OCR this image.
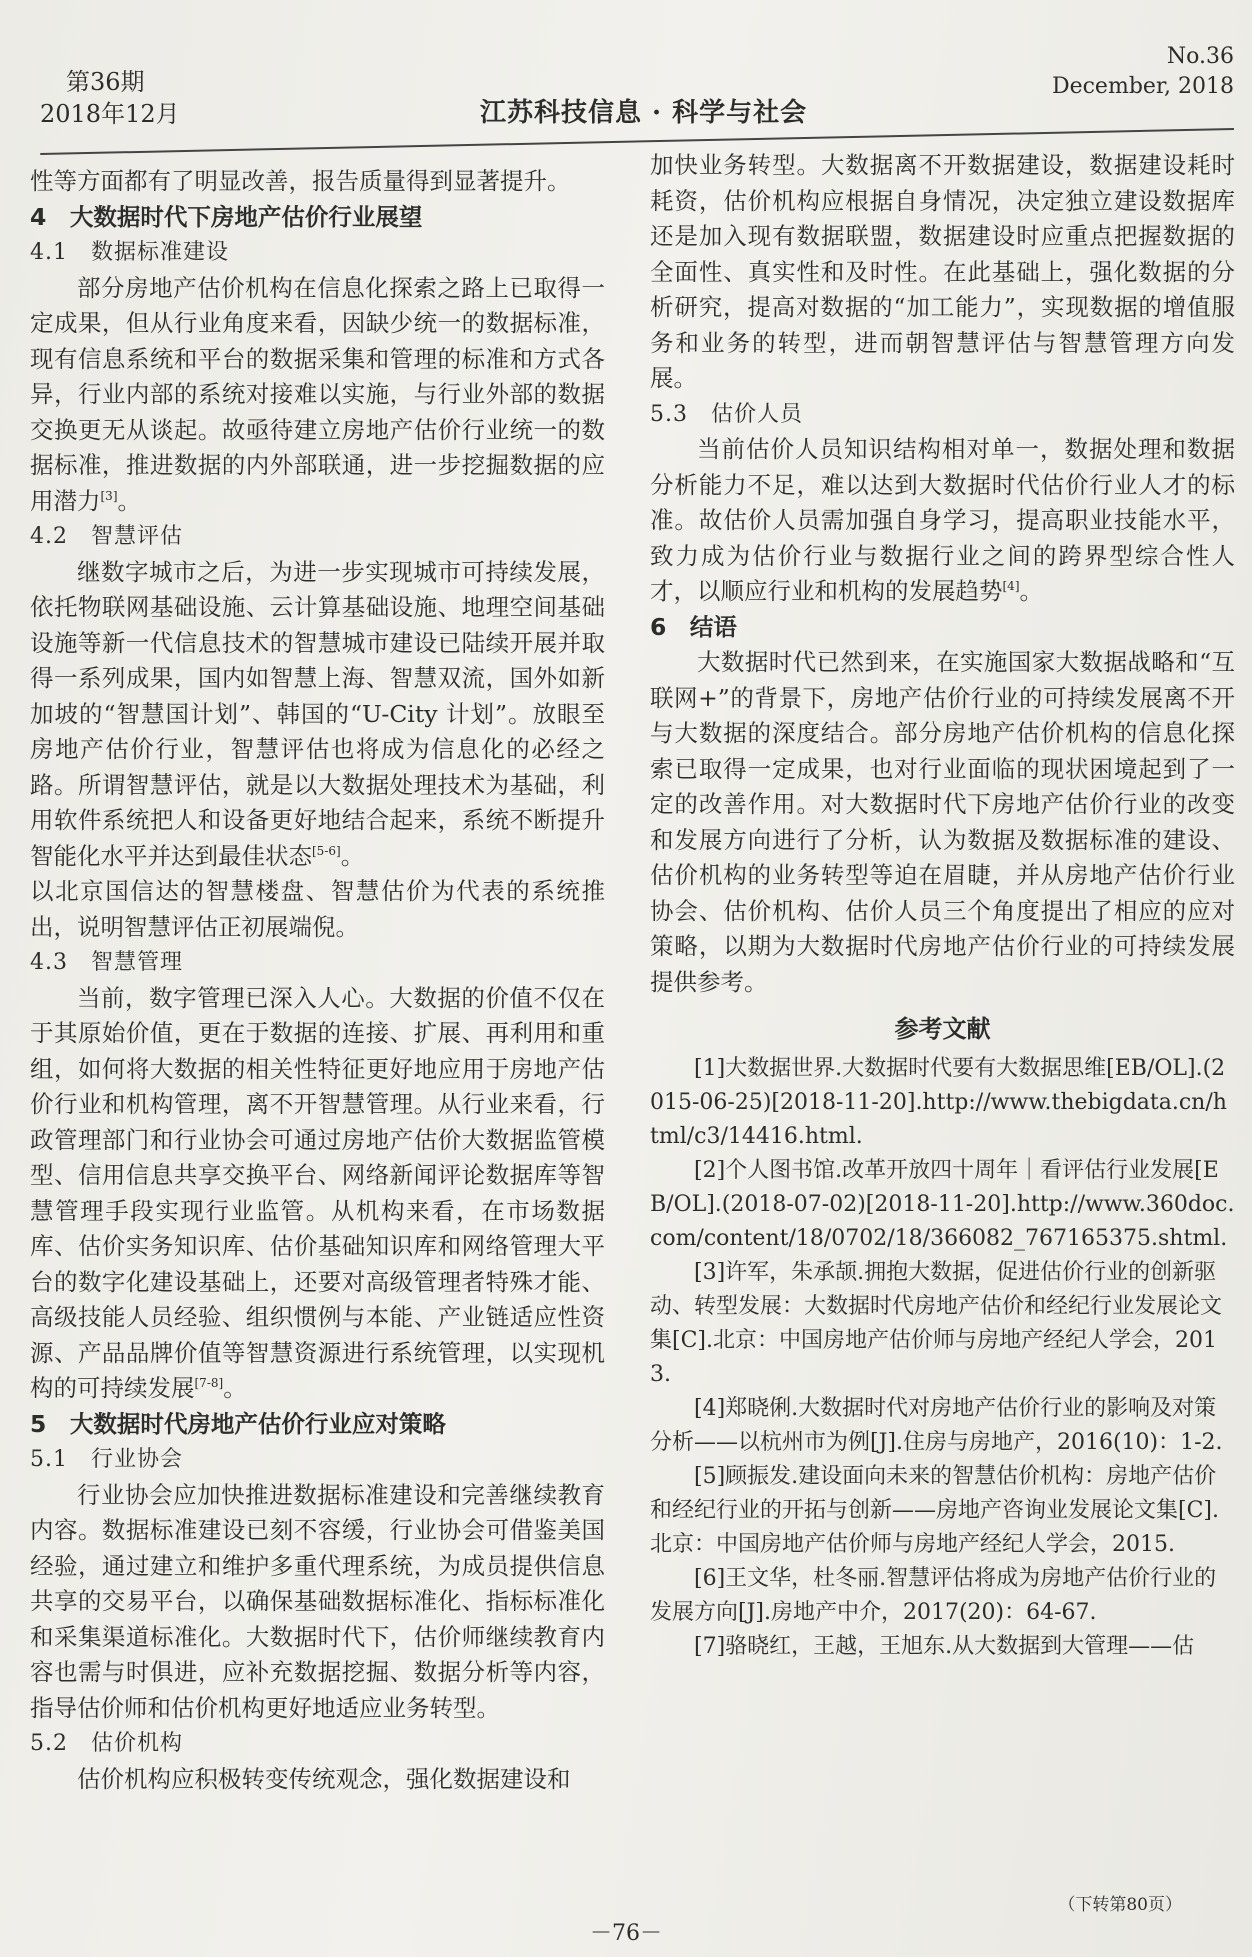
第36期
2018年12月	江苏科技信息 · 科学与社会
No.36
December, 2018

性等方面都有了明显改善，报告质量得到显著提升。

4　大数据时代下房地产估价行业展望
4.1　数据标准建设

部分房地产估价机构在信息化探索之路上已取得一定成果，但从行业角度来看，因缺少统一的数据标准，现有信息系统和平台的数据采集和管理的标准和方式各异，行业内部的系统对接难以实施，与行业外部的数据交换更无从谈起。故亟待建立房地产估价行业统一的数据标准，推进数据的内外部联通，进一步挖掘数据的应用潜力[3]。

4.2　智慧评估

继数字城市之后，为进一步实现城市可持续发展，依托物联网基础设施、云计算基础设施、地理空间基础设施等新一代信息技术的智慧城市建设已陆续开展并取得一系列成果，国内如智慧上海、智慧双流，国外如新加坡的“智慧国计划”、韩国的“U-City 计划”。放眼至房地产估价行业，智慧评估也将成为信息化的必经之路。所谓智慧评估，就是以大数据处理技术为基础，利用软件系统把人和设备更好地结合起来，系统不断提升智能化水平并达到最佳状态[5-6]。

以北京国信达的智慧楼盘、智慧估价为代表的系统推出，说明智慧评估正初展端倪。

4.3　智慧管理

当前，数字管理已深入人心。大数据的价值不仅在于其原始价值，更在于数据的连接、扩展、再利用和重组，如何将大数据的相关性特征更好地应用于房地产估价行业和机构管理，离不开智慧管理。从行业来看，行政管理部门和行业协会可通过房地产估价大数据监管模型、信用信息共享交换平台、网络新闻评论数据库等智慧管理手段实现行业监管。从机构来看，在市场数据库、估价实务知识库、估价基础知识库和网络管理大平台的数字化建设基础上，还要对高级管理者特殊才能、高级技能人员经验、组织惯例与本能、产业链适应性资源、产品品牌价值等智慧资源进行系统管理，以实现机构的可持续发展[7-8]。

5　大数据时代房地产估价行业应对策略
5.1　行业协会

行业协会应加快推进数据标准建设和完善继续教育内容。数据标准建设已刻不容缓，行业协会可借鉴美国经验，通过建立和维护多重代理系统，为成员提供信息共享的交易平台，以确保基础数据标准化、指标标准化和采集渠道标准化。大数据时代下，估价师继续教育内容也需与时俱进，应补充数据挖掘、数据分析等内容，指导估价师和估价机构更好地适应业务转型。

5.2　估价机构

估价机构应积极转变传统观念，强化数据建设和

加快业务转型。大数据离不开数据建设，数据建设耗时耗资，估价机构应根据自身情况，决定独立建设数据库还是加入现有数据联盟，数据建设时应重点把握数据的全面性、真实性和及时性。在此基础上，强化数据的分析研究，提高对数据的“加工能力”，实现数据的增值服务和业务的转型，进而朝智慧评估与智慧管理方向发展。

5.3　估价人员

当前估价人员知识结构相对单一，数据处理和数据分析能力不足，难以达到大数据时代估价行业人才的标准。故估价人员需加强自身学习，提高职业技能水平，致力成为估价行业与数据行业之间的跨界型综合性人才，以顺应行业和机构的发展趋势[4]。

6　结语

大数据时代已然到来，在实施国家大数据战略和“互联网+”的背景下，房地产估价行业的可持续发展离不开与大数据的深度结合。部分房地产估价机构的信息化探索已取得一定成果，也对行业面临的现状困境起到了一定的改善作用。对大数据时代下房地产估价行业的改变和发展方向进行了分析，认为数据及数据标准的建设、估价机构的业务转型等迫在眉睫，并从房地产估价行业协会、估价机构、估价人员三个角度提出了相应的应对策略，以期为大数据时代房地产估价行业的可持续发展提供参考。

参考文献

[1]大数据世界.大数据时代要有大数据思维[EB/OL].(2015-06-25)[2018-11-20].http://www.thebigdata.cn/html/c3/14416.html.

[2]个人图书馆.改革开放四十周年｜看评估行业发展[EB/OL].(2018-07-02)[2018-11-20].http://www.360doc.com/content/18/0702/18/366082_767165375.shtml.

[3]许军，朱承颉.拥抱大数据，促进估价行业的创新驱动、转型发展：大数据时代房地产估价和经纪行业发展论文集[C].北京：中国房地产估价师与房地产经纪人学会，2013.

[4]郑晓俐.大数据时代对房地产估价行业的影响及对策分析——以杭州市为例[J].住房与房地产，2016(10)：1-2.

[5]顾振发.建设面向未来的智慧估价机构：房地产估价和经纪行业的开拓与创新——房地产咨询业发展论文集[C].北京：中国房地产估价师与房地产经纪人学会，2015.

[6]王文华，杜冬丽.智慧评估将成为房地产估价行业的发展方向[J].房地产中介，2017(20)：64-67.

[7]骆晓红，王越，王旭东.从大数据到大管理——估

（下转第80页）
－76－
